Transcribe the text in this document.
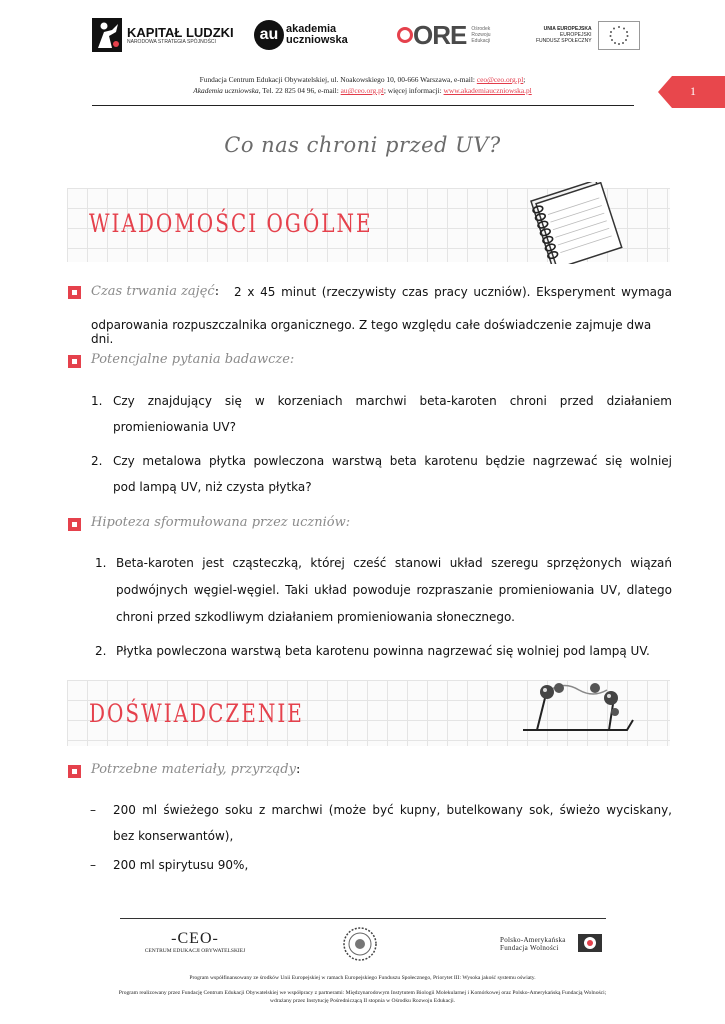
KAPITAŁ LUDZKI
NARODOWA STRATEGIA SPÓJNOŚCI	au akademia
uczniowska	ORE Ośrodek
Rozwoju
Edukacji
UNIA EUROPEJSKA
EUROPEJSKI
FUNDUSZ SPOŁECZNY
Fundacja Centrum Edukacji Obywatelskiej, ul. Noakowskiego 10, 00-666 Warszawa, e-mail: ceo@ceo.org.pl;
Akademia uczniowska, Tel. 22 825 04 96, e-mail: au@ceo.org.pl; więcej informacji: www.akademiauczniowska.pl	1
Co nas chroni przed UV?
WIADOMOŚCI OGÓLNE
Czas trwania zajęć: 2 x 45 minut (rzeczywisty czas pracy uczniów). Eksperyment wymaga
odparowania rozpuszczalnika organicznego. Z tego względu całe doświadczenie zajmuje dwa dni.
Potencjalne pytania badawcze:
1. Czy znajdujący się w korzeniach marchwi beta-karoten chroni przed działaniem
promieniowania UV?
2. Czy metalowa płytka powleczona warstwą beta karotenu będzie nagrzewać się wolniej
pod lampą UV, niż czysta płytka?
Hipoteza sformułowana przez uczniów:
1. Beta-karoten jest cząsteczką, której cześć stanowi układ szeregu sprzężonych wiązań
podwójnych węgiel-węgiel. Taki układ powoduje rozpraszanie promieniowania UV, dlatego
chroni przed szkodliwym działaniem promieniowania słonecznego.
2. Płytka powleczona warstwą beta karotenu powinna nagrzewać się wolniej pod lampą UV.
DOŚWIADCZENIE
Potrzebne materiały, przyrządy:
– 200 ml świeżego soku z marchwi (może być kupny, butelkowany sok, świeżo wyciskany,
bez konserwantów),
– 200 ml spirytusu 90%,
-CEO-
CENTRUM EDUKACJI OBYWATELSKIEJ
Polsko-Amerykańska
Fundacja Wolności
Program współfinansowany ze środków Unii Europejskiej w ramach Europejskiego Funduszu Społecznego, Priorytet III: Wysoka jakość systemu oświaty.
Program realizowany przez Fundację Centrum Edukacji Obywatelskiej we współpracy z partnerami: Międzynarodowym Instytutem Biologii Molekularnej i Komórkowej oraz Polsko-Amerykańską Fundacją Wolności;
wdrażany przez Instytucję Pośredniczącą II stopnia w Ośrodku Rozwoju Edukacji.
